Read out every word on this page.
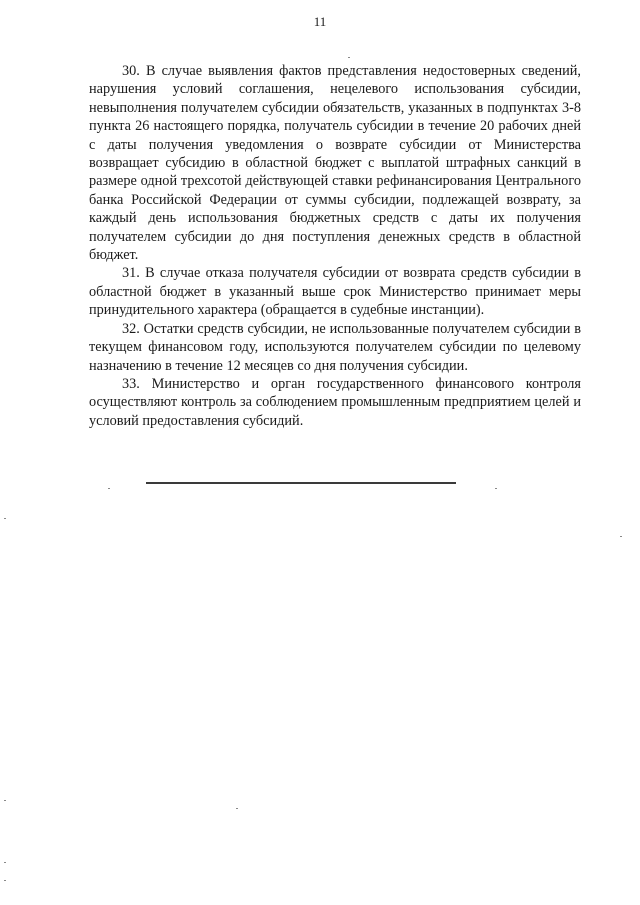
11

30. В случае выявления фактов представления недостоверных сведений, нарушения условий соглашения, нецелевого использования субсидии, невыполнения получателем субсидии обязательств, указанных в подпунктах 3-8 пункта 26 настоящего порядка, получатель субсидии в течение 20 рабочих дней с даты получения уведомления о возврате субсидии от Министерства возвращает субсидию в областной бюджет с выплатой штрафных санкций в размере одной трехсотой действующей ставки рефинансирования Центрального банка Российской Федерации от суммы субсидии, подлежащей возврату, за каждый день использования бюджетных средств с даты их получения получателем субсидии до дня поступления денежных средств в областной бюджет.

31. В случае отказа получателя субсидии от возврата средств субсидии в областной бюджет в указанный выше срок Министерство принимает меры принудительного характера (обращается в судебные инстанции).

32. Остатки средств субсидии, не использованные получателем субсидии в текущем финансовом году, используются получателем субсидии по целевому назначению в течение 12 месяцев со дня получения субсидии.

33. Министерство и орган государственного финансового контроля осуществляют контроль за соблюдением промышленным предприятием целей и условий предоставления субсидий.
